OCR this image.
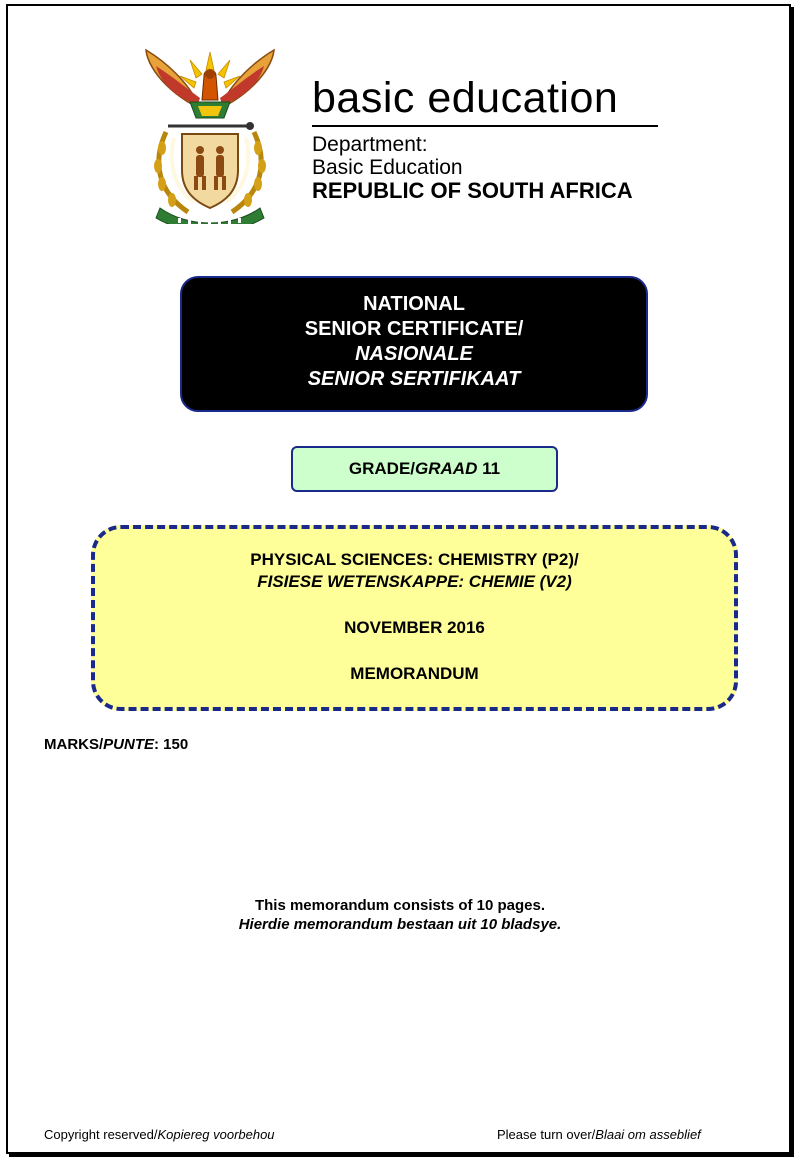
basic education
Department:
Basic Education
REPUBLIC OF SOUTH AFRICA
NATIONAL
SENIOR CERTIFICATE/
NASIONALE
SENIOR SERTIFIKAAT
GRADE/GRAAD 11
PHYSICAL SCIENCES: CHEMISTRY (P2)/
FISIESE WETENSKAPPE: CHEMIE (V2)
NOVEMBER 2016
MEMORANDUM
MARKS/PUNTE: 150
This memorandum consists of 10 pages.
Hierdie memorandum bestaan uit 10 bladsye.
Copyright reserved/Kopiereg voorbehou	Please turn over/Blaai om asseblief
